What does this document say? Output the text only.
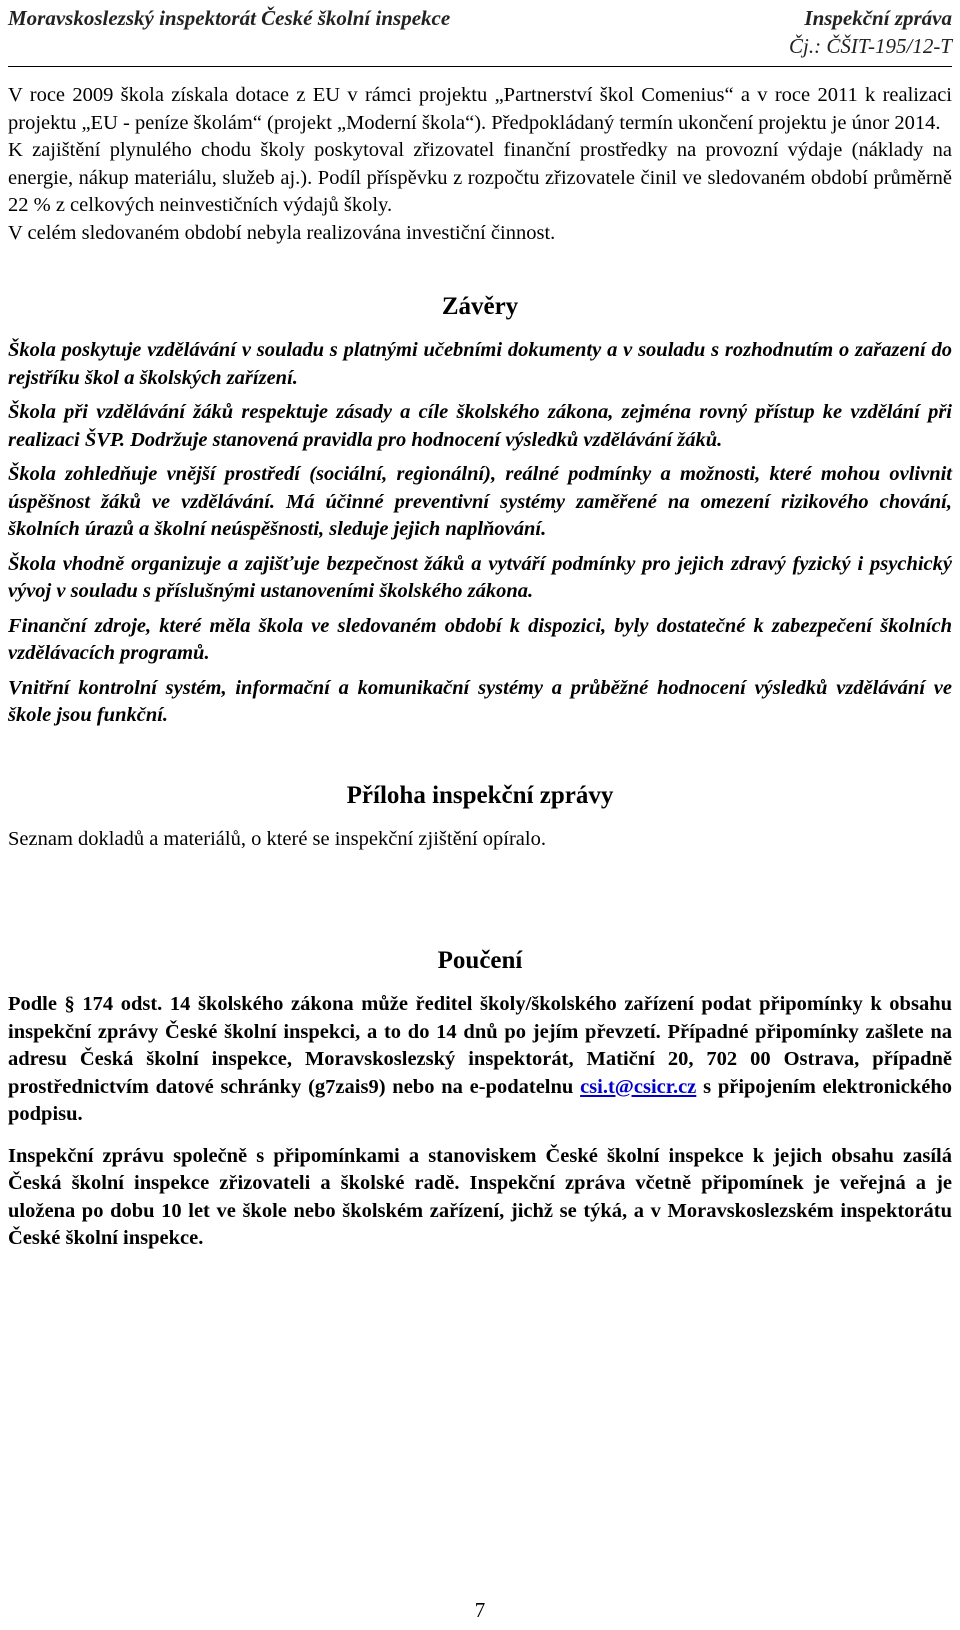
Moravskoslezský inspektorát České školní inspekce	Inspekční zpráva
Čj.: ČŠIT-195/12-T

V roce 2009 škola získala dotace z EU v rámci projektu „Partnerství škol Comenius“ a v roce 2011 k realizaci projektu „EU - peníze školám“ (projekt „Moderní škola“). Předpokládaný termín ukončení projektu je únor 2014.

K zajištění plynulého chodu školy poskytoval zřizovatel finanční prostředky na provozní výdaje (náklady na energie, nákup materiálu, služeb aj.). Podíl příspěvku z rozpočtu zřizovatele činil ve sledovaném období průměrně 22 % z celkových neinvestičních výdajů školy.

V celém sledovaném období nebyla realizována investiční činnost.

Závěry

Škola poskytuje vzdělávání v souladu s platnými učebními dokumenty a v souladu s rozhodnutím o zařazení do rejstříku škol a školských zařízení.

Škola při vzdělávání žáků respektuje zásady a cíle školského zákona, zejména rovný přístup ke vzdělání při realizaci ŠVP. Dodržuje stanovená pravidla pro hodnocení výsledků vzdělávání žáků.

Škola zohledňuje vnější prostředí (sociální, regionální), reálné podmínky a možnosti, které mohou ovlivnit úspěšnost žáků ve vzdělávání. Má účinné preventivní systémy zaměřené na omezení rizikového chování, školních úrazů a školní neúspěšnosti, sleduje jejich naplňování.

Škola vhodně organizuje a zajišťuje bezpečnost žáků a vytváří podmínky pro jejich zdravý fyzický i psychický vývoj v souladu s příslušnými ustanoveními školského zákona.

Finanční zdroje, které měla škola ve sledovaném období k dispozici, byly dostatečné k zabezpečení školních vzdělávacích programů.

Vnitřní kontrolní systém, informační a komunikační systémy a průběžné hodnocení výsledků vzdělávání ve škole jsou funkční.

Příloha inspekční zprávy

Seznam dokladů a materiálů, o které se inspekční zjištění opíralo.

Poučení

Podle § 174 odst. 14 školského zákona může ředitel školy/školského zařízení podat připomínky k obsahu inspekční zprávy České školní inspekci, a to do 14 dnů po jejím převzetí. Případné připomínky zašlete na adresu Česká školní inspekce, Moravskoslezský inspektorát, Matiční 20, 702 00 Ostrava, případně prostřednictvím datové schránky (g7zais9) nebo na e-podatelnu csi.t@csicr.cz s připojením elektronického podpisu.

Inspekční zprávu společně s připomínkami a stanoviskem České školní inspekce k jejich obsahu zasílá Česká školní inspekce zřizovateli a školské radě. Inspekční zpráva včetně připomínek je veřejná a je uložena po dobu 10 let ve škole nebo školském zařízení, jichž se týká, a v Moravskoslezském inspektorátu České školní inspekce.

7
